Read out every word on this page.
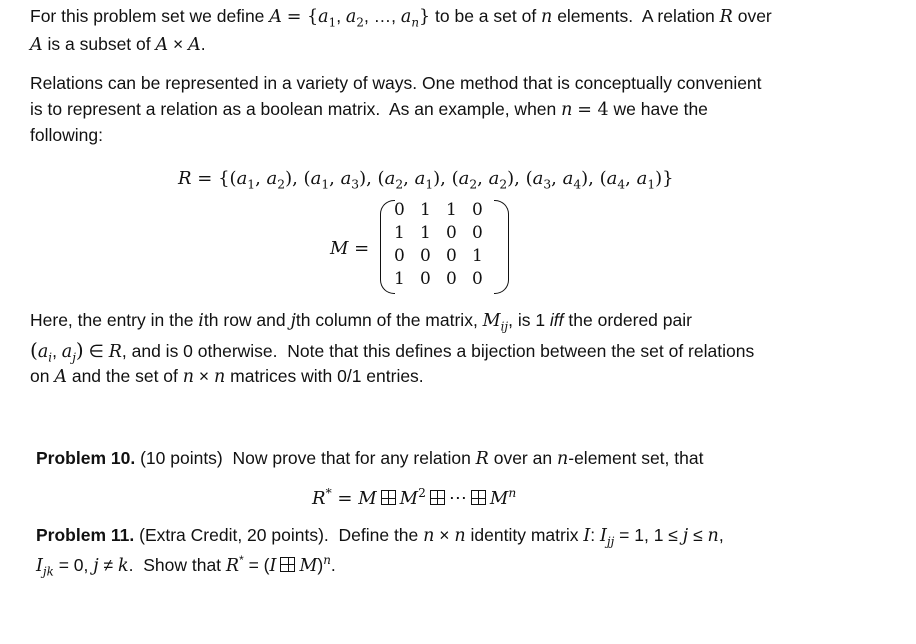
For this problem set we define $A = \{a_1$, $a_2$, …, $a_n$} to be a set of n elements.  A relation R over
A is a subset of A × A.
Relations can be represented in a variety of ways. One method that is conceptually convenient
is to represent a relation as a boolean matrix.  As an example, when n = 4 we have the
following:
$R = \{(a_1$, $a_2$), ($a_1$, $a_3$), ($a_2$, $a_1$), ($a_2$, $a_2$), ($a_3$, $a_4$), ($a_4$, $a_1$)}
M =
0 1 1 0
1 1 0 0
0 0 0 1
1 0 0 0
Here, the entry in the ith row and jth column of the matrix, $M_{ij}$, is 1 iff the ordered pair
($a_i$, $a_j$) ∈ R, and is 0 otherwise.  Note that this defines a bijection between the set of relations
on A and the set of n × n matrices with 0/1 entries.
Problem 10. (10 points)  Now prove that for any relation R over an n-element set, that
R* = M $M^2$ ⋯ $M^n$
Problem 11. (Extra Credit, 20 points).  Define the n × n identity matrix I: $I_{jj} = 1$, 1 ≤ j ≤ n,
$I_{jk} = 0$, j ≠ k.  Show that R* = (I M)$^n$.
